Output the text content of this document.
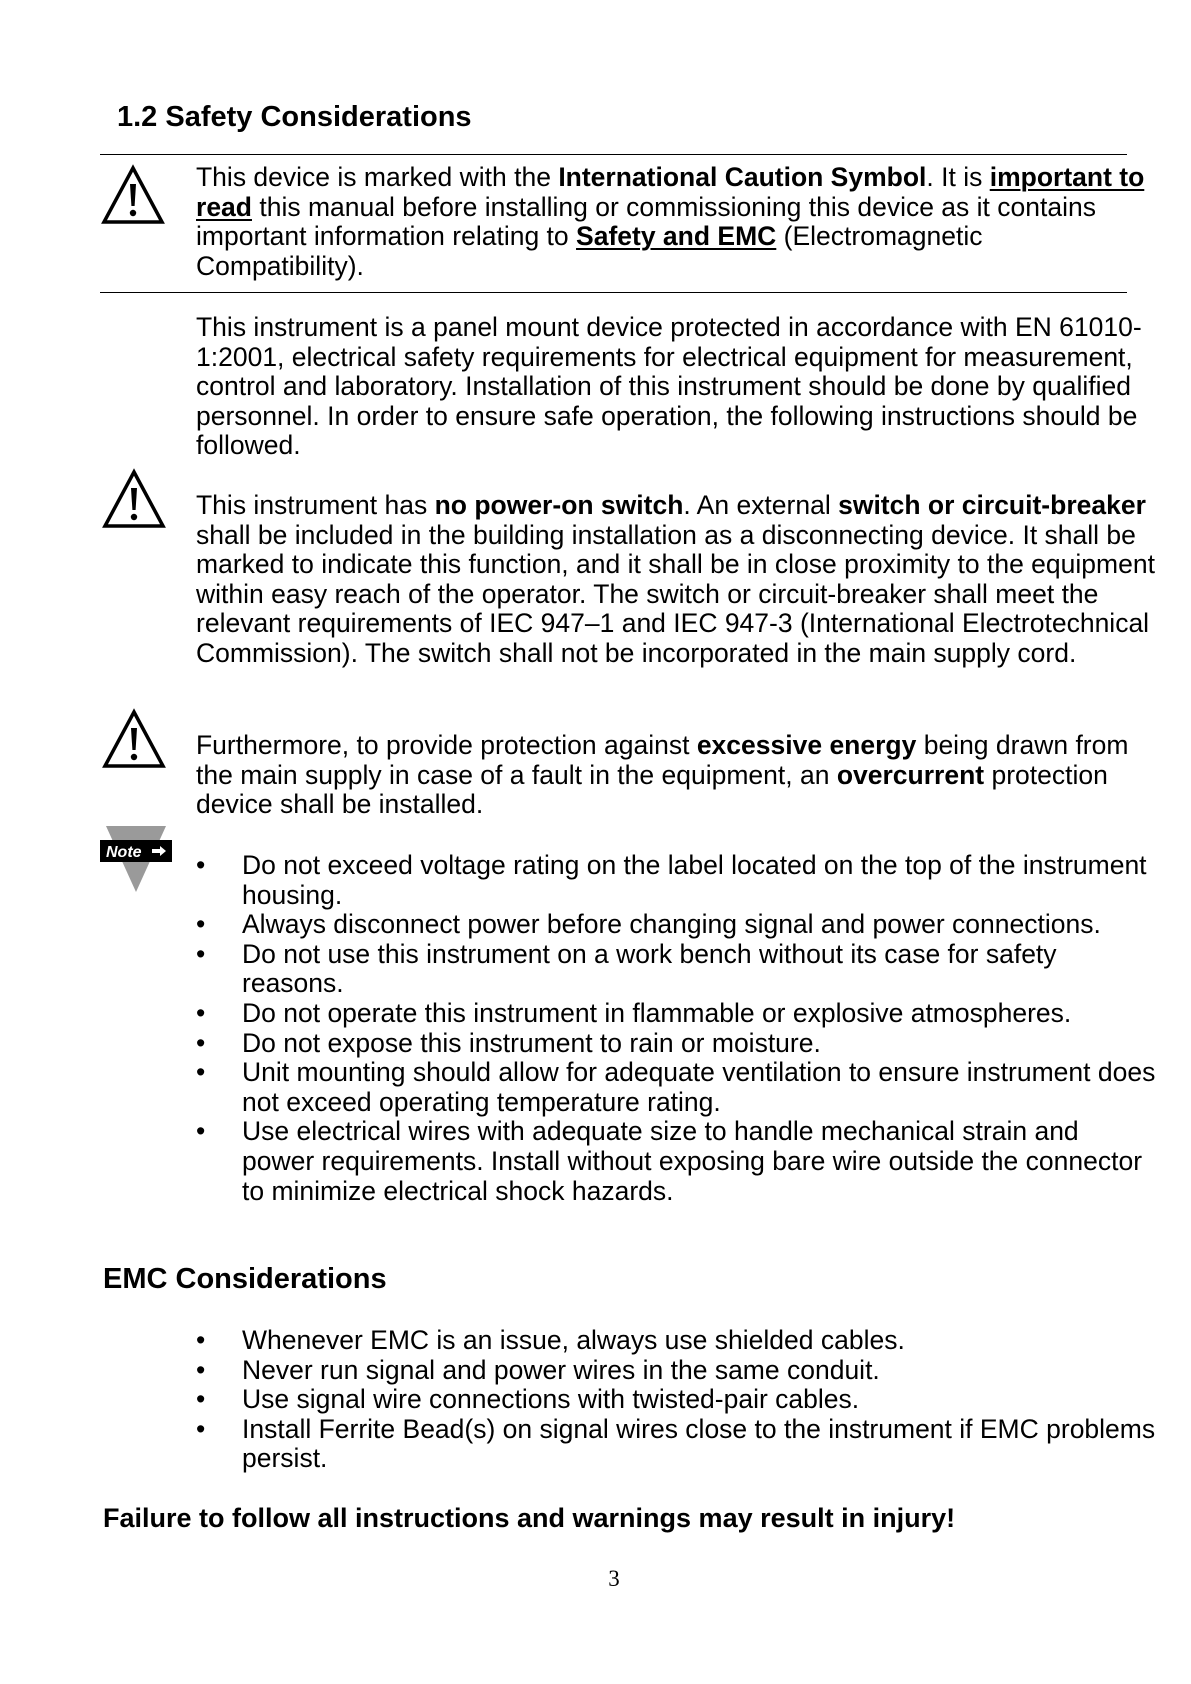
1.2 Safety Considerations
This device is marked with the International Caution Symbol. It is important to read this manual before installing or commissioning this device as it contains important information relating to Safety and EMC (Electromagnetic Compatibility).
This instrument is a panel mount device protected in accordance with EN 61010-1:2001, electrical safety requirements for electrical equipment for measurement, control and laboratory. Installation of this instrument should be done by qualified personnel. In order to ensure safe operation, the following instructions should be followed.
This instrument has no power-on switch. An external switch or circuit-breaker shall be included in the building installation as a disconnecting device. It shall be marked to indicate this function, and it shall be in close proximity to the equipment within easy reach of the operator. The switch or circuit-breaker shall meet the relevant requirements of IEC 947–1 and IEC 947-3 (International Electrotechnical Commission). The switch shall not be incorporated in the main supply cord.
Furthermore, to provide protection against excessive energy being drawn from the main supply in case of a fault in the equipment, an overcurrent protection device shall be installed.
Note • Do not exceed voltage rating on the label located on the top of the instrument housing.
• Always disconnect power before changing signal and power connections.
• Do not use this instrument on a work bench without its case for safety reasons.
• Do not operate this instrument in flammable or explosive atmospheres.
• Do not expose this instrument to rain or moisture.
• Unit mounting should allow for adequate ventilation to ensure instrument does not exceed operating temperature rating.
• Use electrical wires with adequate size to handle mechanical strain and power requirements. Install without exposing bare wire outside the connector to minimize electrical shock hazards.
EMC Considerations
• Whenever EMC is an issue, always use shielded cables.
• Never run signal and power wires in the same conduit.
• Use signal wire connections with twisted-pair cables.
• Install Ferrite Bead(s) on signal wires close to the instrument if EMC problems persist.
Failure to follow all instructions and warnings may result in injury!
3
